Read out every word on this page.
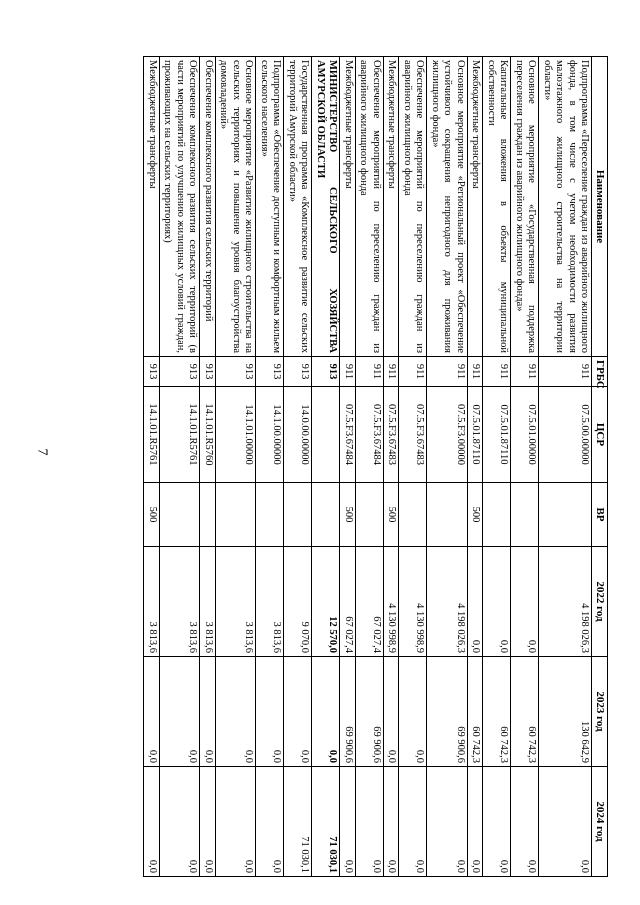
7
Наименование	ГРБС	ЦСР	ВР	2022 год	2023 год	2024 год
Подпрограмма «Переселение граждан из аварийного жилищного фонда, в том числе с учетом необходимости развития малоэтажного жилищного строительства на территории области»	911	07.5.00.00000		4 198 026,3	130 642,9	0,0
Основное мероприятие «Государственная поддержка переселения граждан из аварийного жилищного фонда»	911	07.5.01.00000		0,0	60 742,3	0,0
Капитальные вложения в объекты муниципальной собственности	911	07.5.01.87110		0,0	60 742,3	0,0
Межбюджетные трансферты	911	07.5.01.87110	500	0,0	60 742,3	0,0
Основное мероприятие «Региональный проект «Обеспечение устойчивого сокращения непригодного для проживания жилищного фонда»	911	07.5.F3.00000		4 198 026,3	69 900,6	0,0
Обеспечение мероприятий по переселению граждан из аварийного жилищного фонда	911	07.5.F3.67483		4 130 998,9	0,0	0,0
Межбюджетные трансферты	911	07.5.F3.67483	500	4 130 998,9	0,0	0,0
Обеспечение мероприятий по переселению граждан из аварийного жилищного фонда	911	07.5.F3.67484		67 027,4	69 900,6	0,0
Межбюджетные трансферты	911	07.5.F3.67484	500	67 027,4	69 900,6	0,0
МИНИСТЕРСТВО СЕЛЬСКОГО ХОЗЯЙСТВА АМУРСКОЙ ОБЛАСТИ	913			12 570,0	0,0	71 030,1
Государственная программа «Комплексное развитие сельских территорий Амурской области»	913	14.0.00.00000		9 070,0	0,0	71 030,1
Подпрограмма «Обеспечение доступным и комфортным жильем сельского населения»	913	14.1.00.00000		3 813,6	0,0	0,0
Основное мероприятие «Развитие жилищного строительства на сельских территориях и повышение уровня благоустройства домовладений»	913	14.1.01.00000		3 813,6	0,0	0,0
Обеспечение комплексного развития сельских территорий	913	14.1.01.R5760		3 813,6	0,0	0,0
Обеспечение комплексного развития сельских территорий (в части мероприятий по улучшению жилищных условий граждан, проживающих на сельских территориях)	913	14.1.01.R5761		3 813,6	0,0	0,0
Межбюджетные трансферты	913	14.1.01.R5761	500	3 813,6	0,0	0,0
